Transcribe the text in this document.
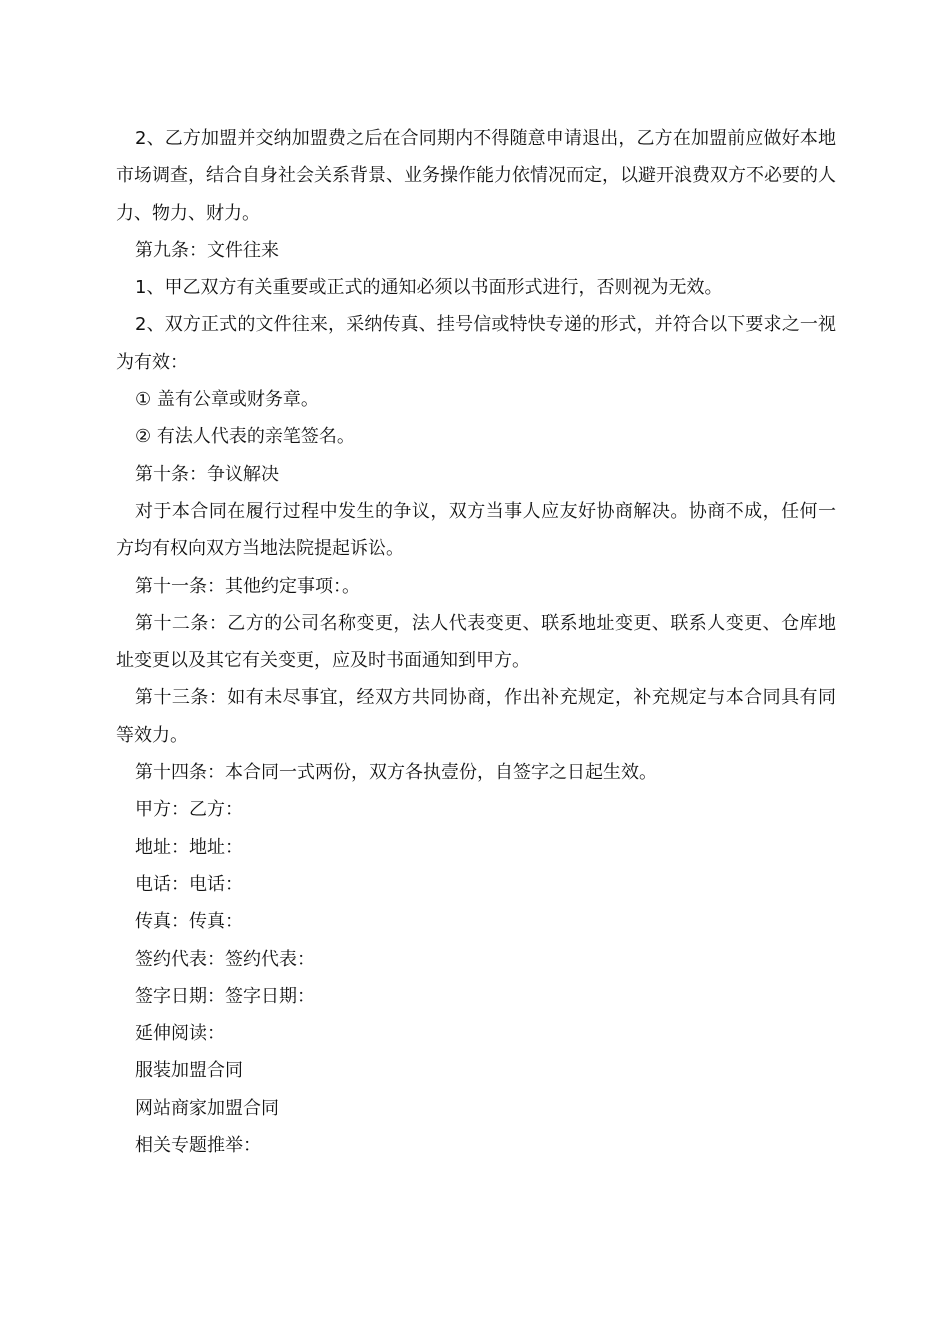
2、乙方加盟并交纳加盟费之后在合同期内不得随意申请退出，乙方在加盟前应做好本地市场调查，结合自身社会关系背景、业务操作能力依情况而定，以避开浪费双方不必要的人力、物力、财力。

第九条：文件往来

1、甲乙双方有关重要或正式的通知必须以书面形式进行，否则视为无效。

2、双方正式的文件往来，采纳传真、挂号信或特快专递的形式，并符合以下要求之一视为有效：

① 盖有公章或财务章。

② 有法人代表的亲笔签名。

第十条：争议解决

对于本合同在履行过程中发生的争议，双方当事人应友好协商解决。协商不成，任何一方均有权向双方当地法院提起诉讼。

第十一条：其他约定事项：。

第十二条：乙方的公司名称变更，法人代表变更、联系地址变更、联系人变更、仓库地址变更以及其它有关变更，应及时书面通知到甲方。

第十三条：如有未尽事宜，经双方共同协商，作出补充规定，补充规定与本合同具有同等效力。

第十四条：本合同一式两份，双方各执壹份，自签字之日起生效。

甲方：乙方：

地址：地址：

电话：电话：

传真：传真：

签约代表：签约代表：

签字日期：签字日期：

延伸阅读：

服装加盟合同

网站商家加盟合同

相关专题推举：
